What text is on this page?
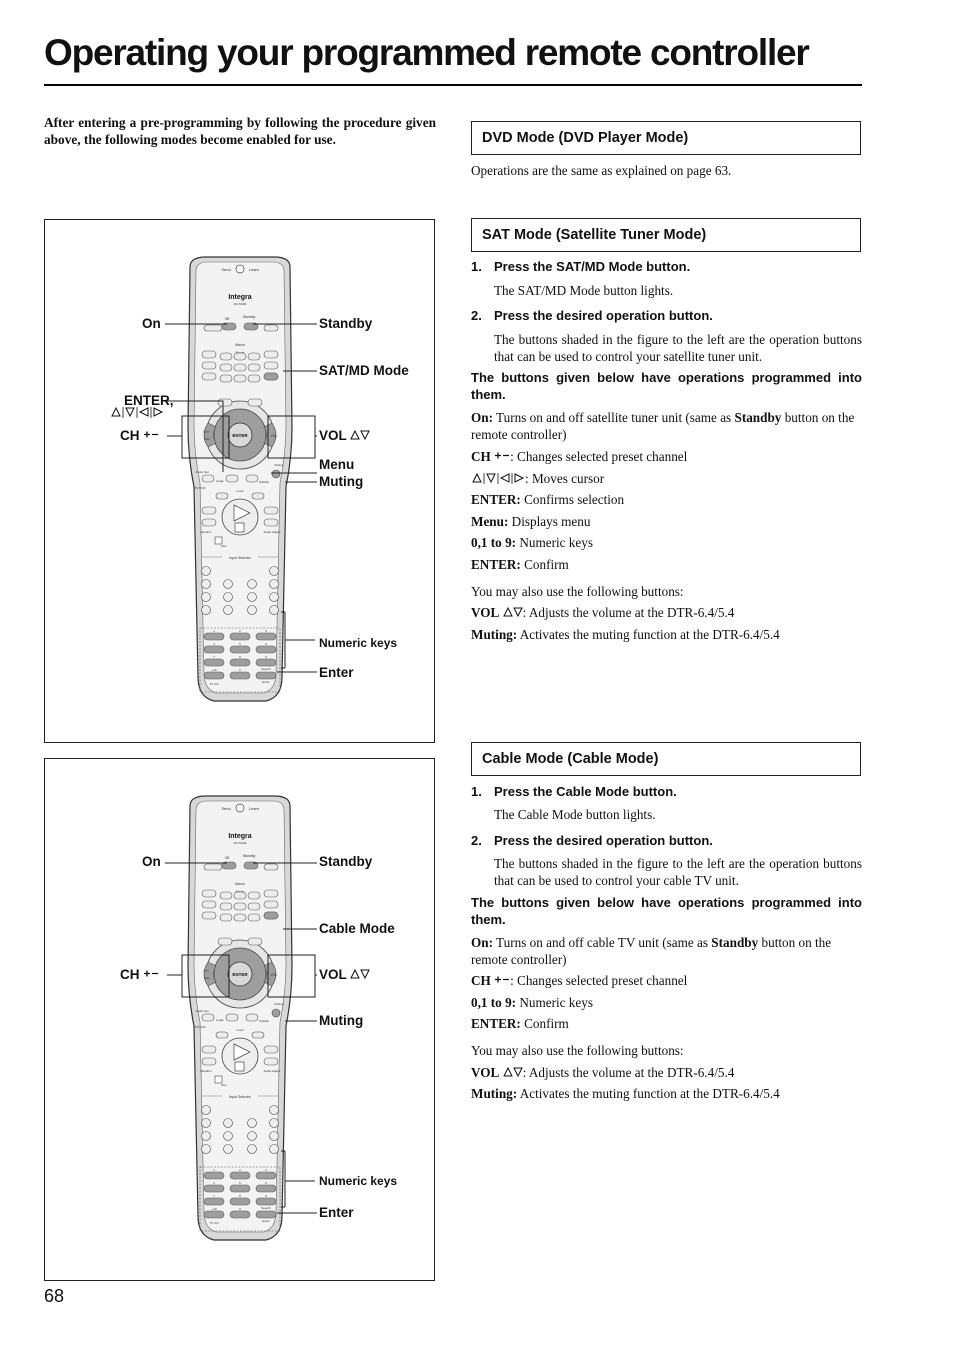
Operating your programmed remote controller
After entering a pre-programming by following the procedure given above, the following modes become enabled for use.	DVD Mode (DVD Player Mode)
Operations are the same as explained on page 63.
SAT Mode (Satellite Tuner Mode)
1. Press the SAT/MD Mode button.
The SAT/MD Mode button lights.
2. Press the desired operation button.
The buttons shaded in the figure to the left are the operation buttons that can be used to control your satellite tuner unit.
The buttons given below have operations programmed into them.
On: Turns on and off satellite tuner unit (same as Standby button on the remote controller)
CH : Changes selected preset channel
: Moves cursor
ENTER: Confirms selection
Menu: Displays menu
0,1 to 9: Numeric keys
ENTER: Confirm
You may also use the following buttons:
VOL : Adjusts the volume at the DTR-6.4/5.4
Muting: Activates the muting function at the DTR-6.4/5.4
Cable Mode (Cable Mode)
1. Press the Cable Mode button.
The Cable Mode button lights.
2. Press the desired operation button.
The buttons shaded in the figure to the left are the operation buttons that can be used to control your cable TV unit.
The buttons given below have operations programmed into them.
On: Turns on and off cable TV unit (same as Standby button on the remote controller)
CH : Changes selected preset channel
0,1 to 9: Numeric keys
ENTER: Confirm
You may also use the following buttons:
VOL : Adjusts the volume at the DTR-6.4/5.4
Muting: Activates the muting function at the DTR-6.4/5.4
Send	Learn
Integra
RC-534M
Off	Standby
Macro
ENTER
CH
Disc
VOL
Audio Sel
Muting
Angle	Subtitle
TV/VCR
Level
Random	Audio Adjust
Rec
Input Selector
1	2	3
4	5	6
7	8	9
+10	0	Search
Enter
TV Vol
On	Standby
SAT/MD Mode
ENTER,
CH	VOL
Menu
Muting
Numeric keys
Enter
Send	Learn
Integra
RC-534M
Off	Standby
Macro
ENTER
CH
Disc
VOL
Audio Sel
Muting
Angle	Subtitle
TV/VCR
Level
Random	Audio Adjust
Rec
Input Selector
1	2	3
4	5	6
7	8	9
+10	0	Search
Enter
TV Vol
On	Standby
Cable Mode
CH	VOL
Muting
Numeric keys
Enter
68
